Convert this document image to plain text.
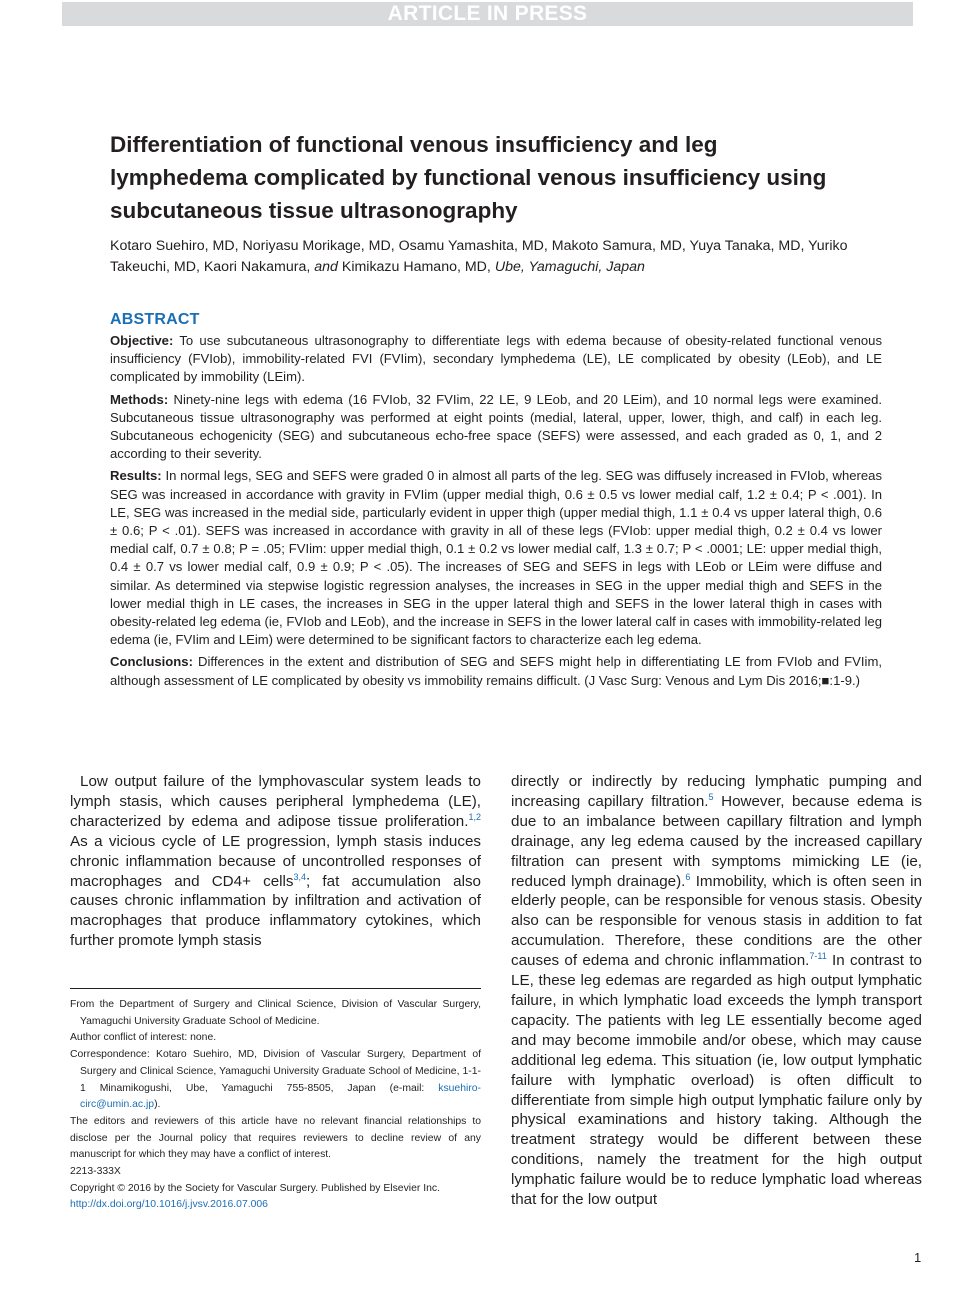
ARTICLE IN PRESS
Differentiation of functional venous insufficiency and leg lymphedema complicated by functional venous insufficiency using subcutaneous tissue ultrasonography
Kotaro Suehiro, MD, Noriyasu Morikage, MD, Osamu Yamashita, MD, Makoto Samura, MD, Yuya Tanaka, MD, Yuriko Takeuchi, MD, Kaori Nakamura, and Kimikazu Hamano, MD, Ube, Yamaguchi, Japan
ABSTRACT

Objective: To use subcutaneous ultrasonography to differentiate legs with edema because of obesity-related functional venous insufficiency (FVIob), immobility-related FVI (FVIim), secondary lymphedema (LE), LE complicated by obesity (LEob), and LE complicated by immobility (LEim).

Methods: Ninety-nine legs with edema (16 FVIob, 32 FVIim, 22 LE, 9 LEob, and 20 LEim), and 10 normal legs were examined. Subcutaneous tissue ultrasonography was performed at eight points (medial, lateral, upper, lower, thigh, and calf) in each leg. Subcutaneous echogenicity (SEG) and subcutaneous echo-free space (SEFS) were assessed, and each graded as 0, 1, and 2 according to their severity.

Results: In normal legs, SEG and SEFS were graded 0 in almost all parts of the leg. SEG was diffusely increased in FVIob, whereas SEG was increased in accordance with gravity in FVIim (upper medial thigh, 0.6 ± 0.5 vs lower medial calf, 1.2 ± 0.4; P < .001). In LE, SEG was increased in the medial side, particularly evident in upper thigh (upper medial thigh, 1.1 ± 0.4 vs upper lateral thigh, 0.6 ± 0.6; P < .01). SEFS was increased in accordance with gravity in all of these legs (FVIob: upper medial thigh, 0.2 ± 0.4 vs lower medial calf, 0.7 ± 0.8; P = .05; FVIim: upper medial thigh, 0.1 ± 0.2 vs lower medial calf, 1.3 ± 0.7; P < .0001; LE: upper medial thigh, 0.4 ± 0.7 vs lower medial calf, 0.9 ± 0.9; P < .05). The increases of SEG and SEFS in legs with LEob or LEim were diffuse and similar. As determined via stepwise logistic regression analyses, the increases in SEG in the upper medial thigh and SEFS in the lower medial thigh in LE cases, the increases in SEG in the upper lateral thigh and SEFS in the lower lateral thigh in cases with obesity-related leg edema (ie, FVIob and LEob), and the increase in SEFS in the lower lateral calf in cases with immobility-related leg edema (ie, FVIim and LEim) were determined to be significant factors to characterize each leg edema.

Conclusions: Differences in the extent and distribution of SEG and SEFS might help in differentiating LE from FVIob and FVIim, although assessment of LE complicated by obesity vs immobility remains difficult. (J Vasc Surg: Venous and Lym Dis 2016;■:1-9.)

Low output failure of the lymphovascular system leads to lymph stasis, which causes peripheral lymphedema (LE), characterized by edema and adipose tissue proliferation.$^{1,2}$ As a vicious cycle of LE progression, lymph stasis induces chronic inflammation because of uncontrolled responses of macrophages and CD4+ cells$^{3,4}$; fat accumulation also causes chronic inflammation by infiltration and activation of macrophages that produce inflammatory cytokines, which further promote lymph stasis

From the Department of Surgery and Clinical Science, Division of Vascular Surgery, Yamaguchi University Graduate School of Medicine.

Author conflict of interest: none.

Correspondence: Kotaro Suehiro, MD, Division of Vascular Surgery, Department of Surgery and Clinical Science, Yamaguchi University Graduate School of Medicine, 1-1-1 Minamikogushi, Ube, Yamaguchi 755-8505, Japan (e-mail: ksuehiro-circ@umin.ac.jp).

The editors and reviewers of this article have no relevant financial relationships to disclose per the Journal policy that requires reviewers to decline review of any manuscript for which they may have a conflict of interest.

2213-333X

Copyright © 2016 by the Society for Vascular Surgery. Published by Elsevier Inc.

http://dx.doi.org/10.1016/j.jvsv.2016.07.006

directly or indirectly by reducing lymphatic pumping and increasing capillary filtration.$^5$ However, because edema is due to an imbalance between capillary filtration and lymph drainage, any leg edema caused by the increased capillary filtration can present with symptoms mimicking LE (ie, reduced lymph drainage).$^6$ Immobility, which is often seen in elderly people, can be responsible for venous stasis. Obesity also can be responsible for venous stasis in addition to fat accumulation. Therefore, these conditions are the other causes of edema and chronic inflammation.$^{7-11}$ In contrast to LE, these leg edemas are regarded as high output lymphatic failure, in which lymphatic load exceeds the lymph transport capacity. The patients with leg LE essentially become aged and may become immobile and/or obese, which may cause additional leg edema. This situation (ie, low output lymphatic failure with lymphatic overload) is often difficult to differentiate from simple high output lymphatic failure only by physical examinations and history taking. Although the treatment strategy would be different between these conditions, namely the treatment for the high output lymphatic failure would be to reduce lymphatic load whereas that for the low output

1
